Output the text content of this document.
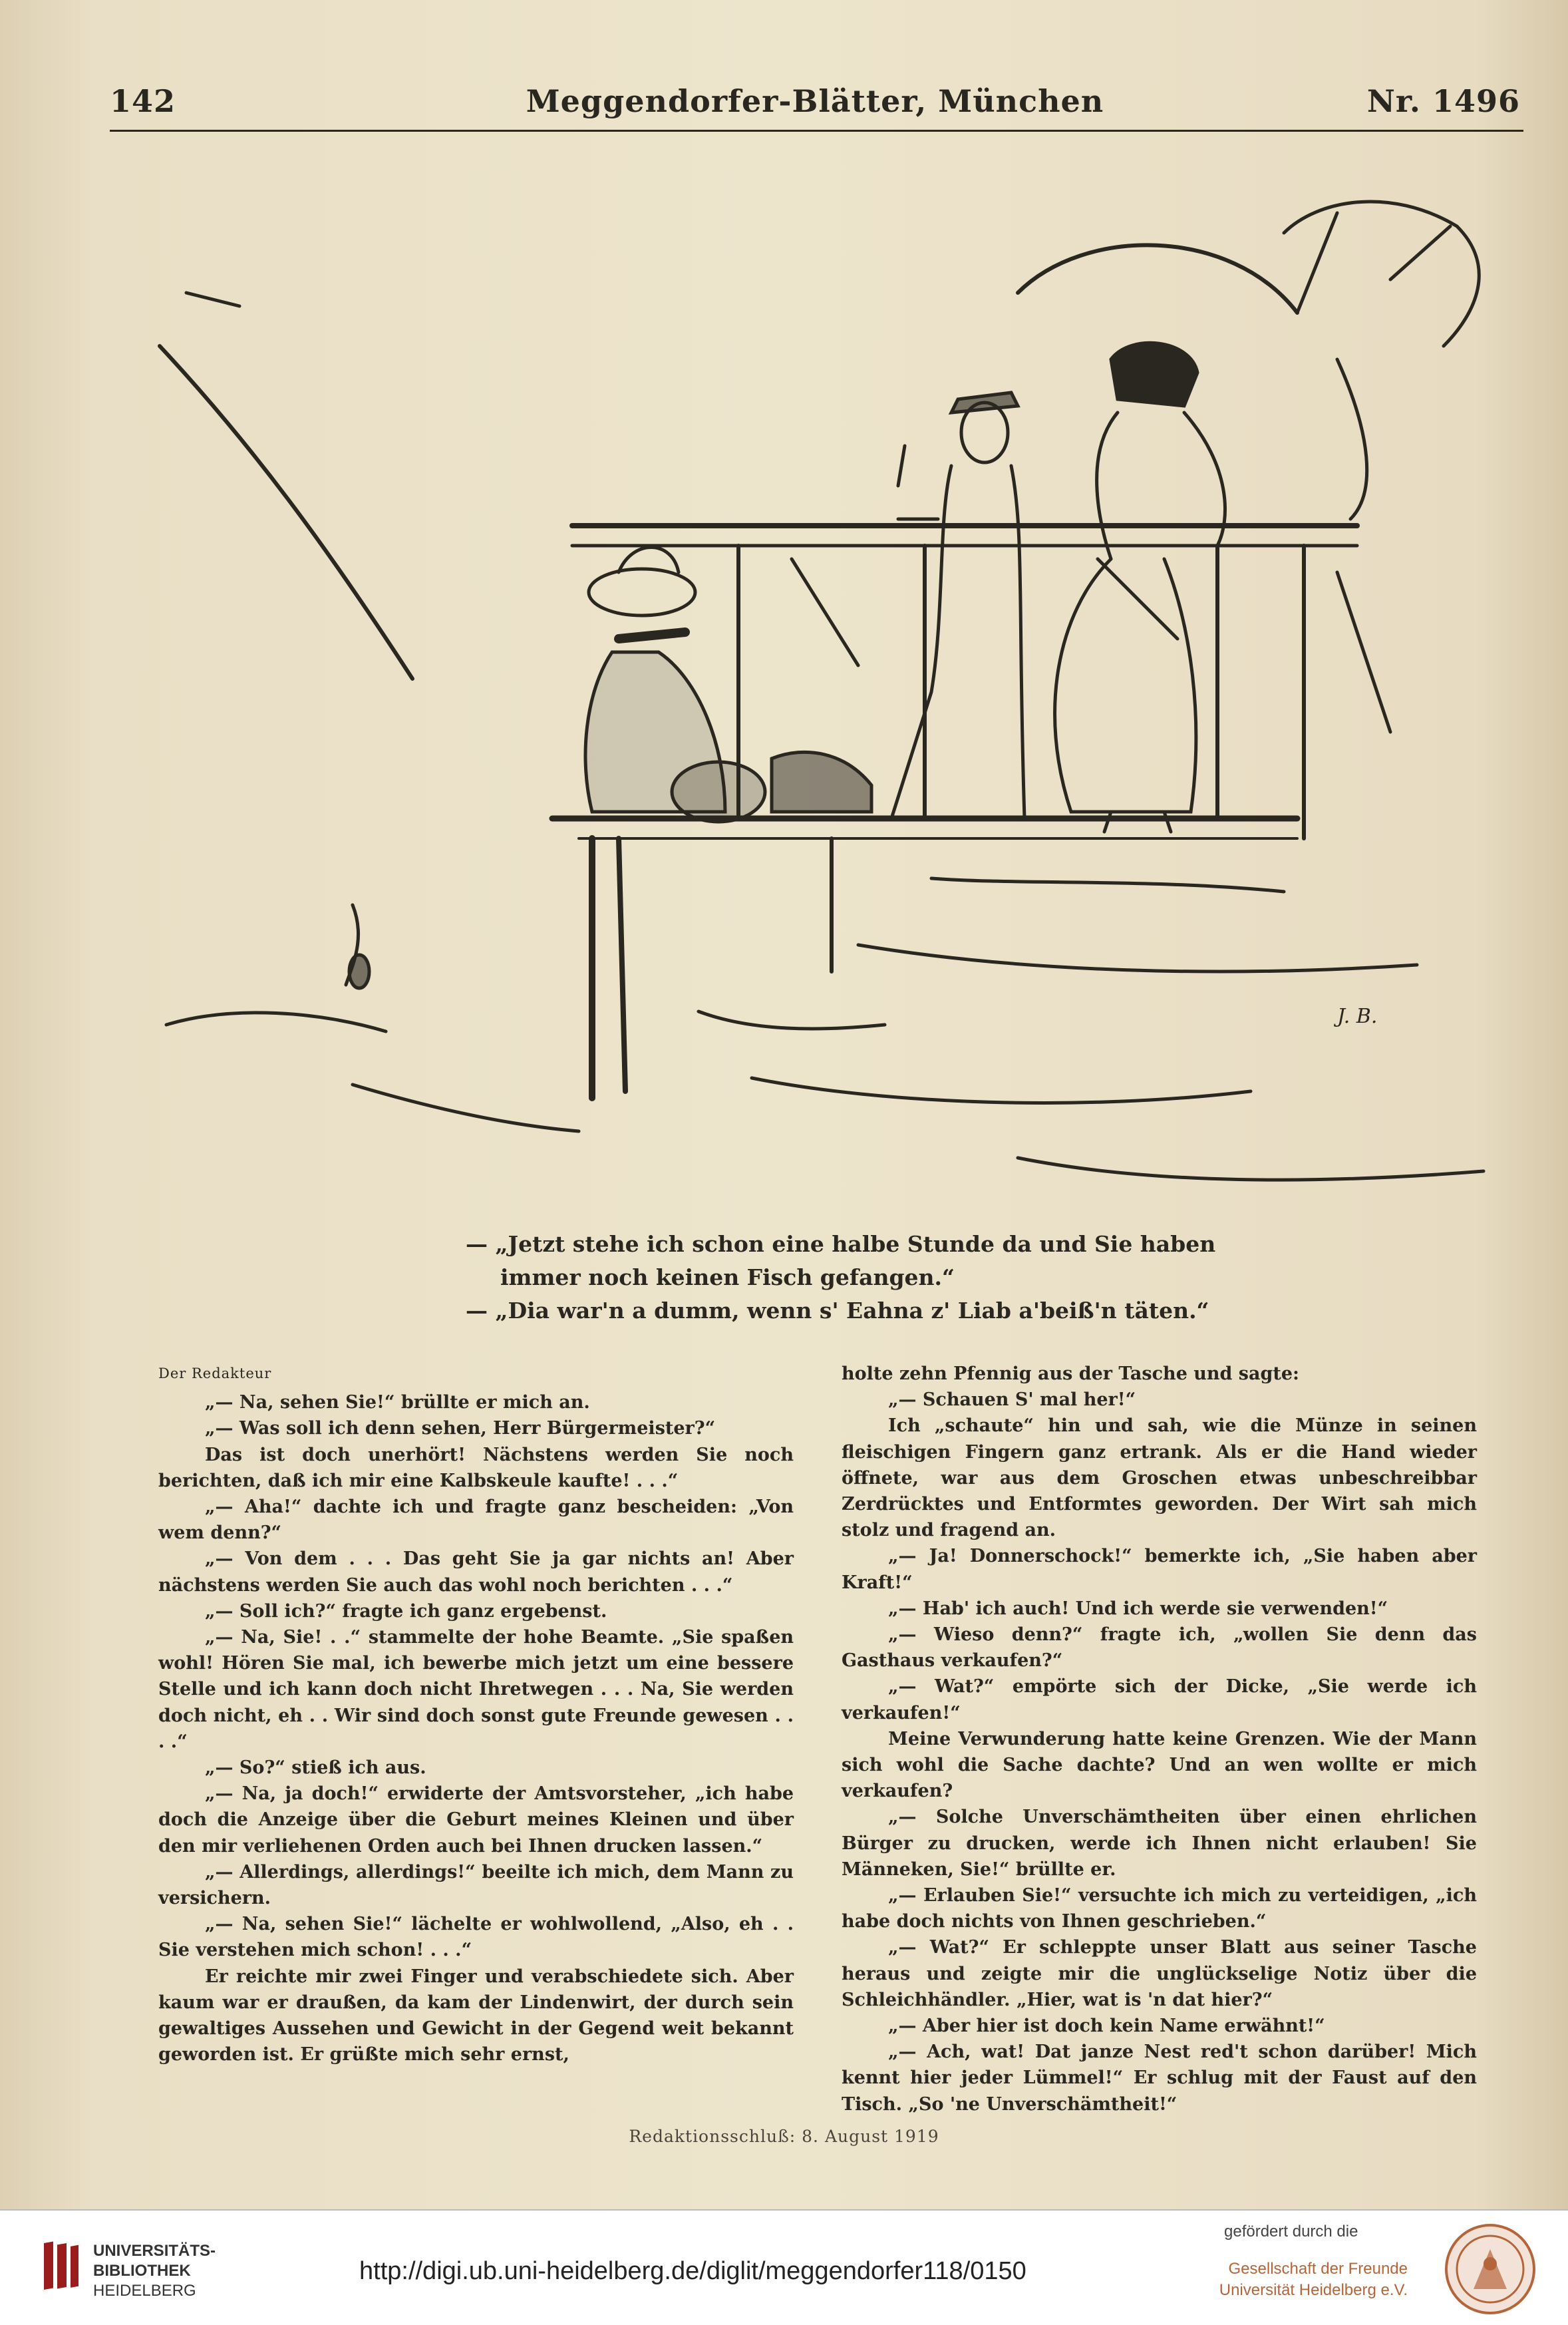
142	Meggendorfer-Blätter, München	Nr. 1496
J. B.
— „Jetzt stehe ich schon eine halbe Stunde da und Sie haben
immer noch keinen Fisch gefangen.“
— „Dia war'n a dumm, wenn s' Eahna z' Liab a'beiß'n täten.“

Der Redakteur

„— Na, sehen Sie!“ brüllte er mich an.

„— Was soll ich denn sehen, Herr Bürgermeister?“

Das ist doch unerhört! Nächstens werden Sie noch berichten, daß ich mir eine Kalbskeule kaufte! . . .“

„— Aha!“ dachte ich und fragte ganz bescheiden: „Von wem denn?“

„— Von dem . . . Das geht Sie ja gar nichts an! Aber nächstens werden Sie auch das wohl noch berichten . . .“

„— Soll ich?“ fragte ich ganz ergebenst.

„— Na, Sie! . .“ stammelte der hohe Beamte. „Sie spaßen wohl! Hören Sie mal, ich bewerbe mich jetzt um eine bessere Stelle und ich kann doch nicht Ihretwegen . . . Na, Sie werden doch nicht, eh . . Wir sind doch sonst gute Freunde gewesen . . . .“

„— So?“ stieß ich aus.

„— Na, ja doch!“ erwiderte der Amtsvorsteher, „ich habe doch die Anzeige über die Geburt meines Kleinen und über den mir verliehenen Orden auch bei Ihnen drucken lassen.“

„— Allerdings, allerdings!“ beeilte ich mich, dem Mann zu versichern.

„— Na, sehen Sie!“ lächelte er wohlwollend, „Also, eh . . Sie verstehen mich schon! . . .“

Er reichte mir zwei Finger und verabschiedete sich. Aber kaum war er draußen, da kam der Lindenwirt, der durch sein gewaltiges Aussehen und Gewicht in der Gegend weit bekannt geworden ist. Er grüßte mich sehr ernst,

holte zehn Pfennig aus der Tasche und sagte:

„— Schauen S' mal her!“

Ich „schaute“ hin und sah, wie die Münze in seinen fleischigen Fingern ganz ertrank. Als er die Hand wieder öffnete, war aus dem Groschen etwas unbeschreibbar Zerdrücktes und Entformtes geworden. Der Wirt sah mich stolz und fragend an.

„— Ja! Donnerschock!“ bemerkte ich, „Sie haben aber Kraft!“

„— Hab' ich auch! Und ich werde sie verwenden!“

„— Wieso denn?“ fragte ich, „wollen Sie denn das Gasthaus verkaufen?“

„— Wat?“ empörte sich der Dicke, „Sie werde ich verkaufen!“

Meine Verwunderung hatte keine Grenzen. Wie der Mann sich wohl die Sache dachte? Und an wen wollte er mich verkaufen?

„— Solche Unverschämtheiten über einen ehrlichen Bürger zu drucken, werde ich Ihnen nicht erlauben! Sie Männeken, Sie!“ brüllte er.

„— Erlauben Sie!“ versuchte ich mich zu verteidigen, „ich habe doch nichts von Ihnen geschrieben.“

„— Wat?“ Er schleppte unser Blatt aus seiner Tasche heraus und zeigte mir die unglückselige Notiz über die Schleichhändler. „Hier, wat is 'n dat hier?“

„— Aber hier ist doch kein Name erwähnt!“

„— Ach, wat! Dat janze Nest red't schon darüber! Mich kennt hier jeder Lümmel!“ Er schlug mit der Faust auf den Tisch. „So 'ne Unverschämtheit!“

Redaktionsschluß: 8. August 1919
UNIVERSITÄTS-
BIBLIOTHEK
HEIDELBERG
http://digi.ub.uni-heidelberg.de/diglit/meggendorfer118/0150
gefördert durch die
Gesellschaft der Freunde
Universität Heidelberg e.V.
